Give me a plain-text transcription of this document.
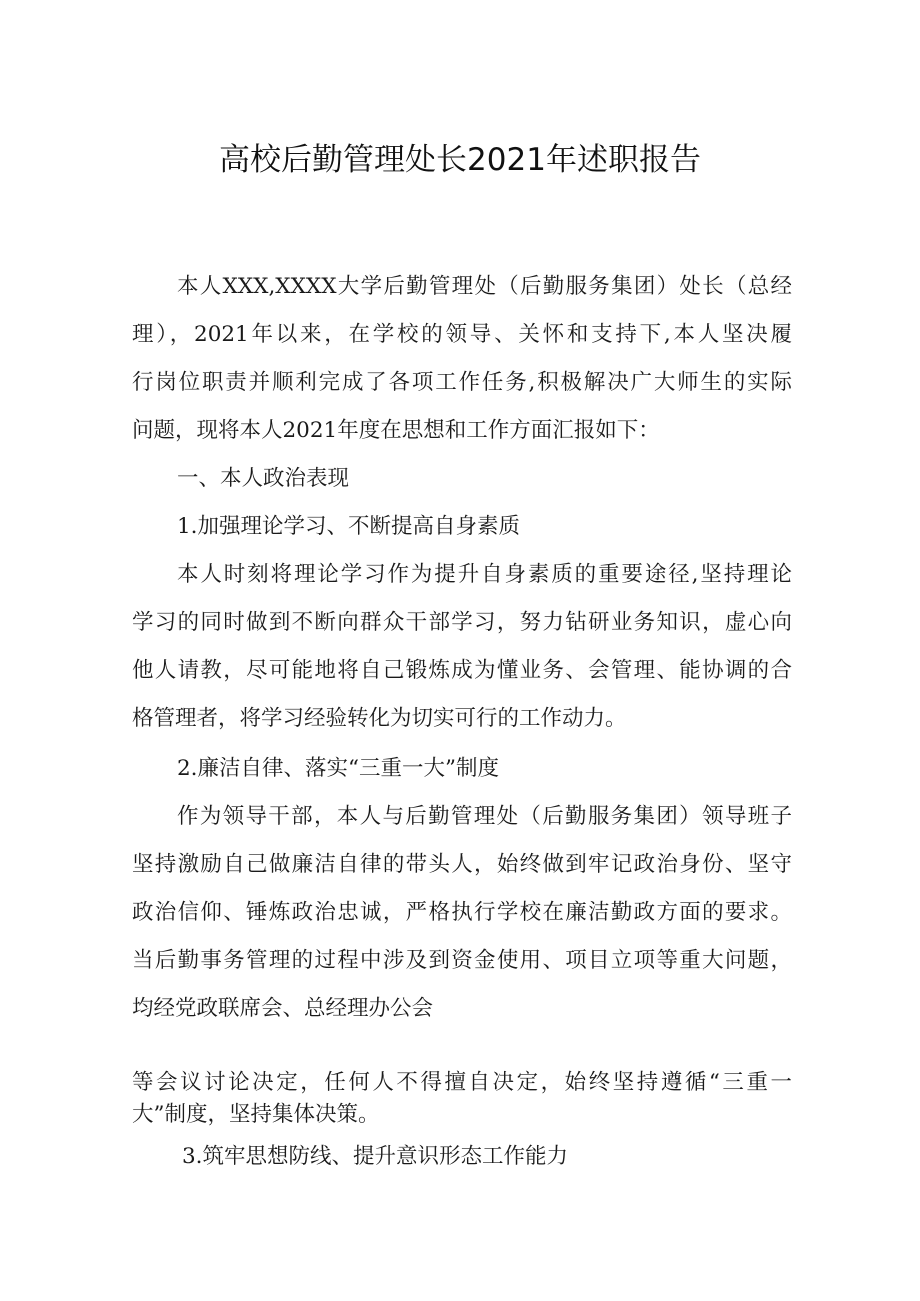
高校后勤管理处长2021年述职报告
本人XXX,XXXX大学后勤管理处（后勤服务集团）处长（总经
理），2021年以来，在学校的领导、关怀和支持下,本人坚决履
行岗位职责并顺利完成了各项工作任务,积极解决广大师生的实际
问题，现将本人2021年度在思想和工作方面汇报如下：
一、本人政治表现
1.加强理论学习、不断提高自身素质
本人时刻将理论学习作为提升自身素质的重要途径,坚持理论
学习的同时做到不断向群众干部学习，努力钻研业务知识，虚心向
他人请教，尽可能地将自己锻炼成为懂业务、会管理、能协调的合
格管理者，将学习经验转化为切实可行的工作动力。
2.廉洁自律、落实“三重一大”制度
作为领导干部，本人与后勤管理处（后勤服务集团）领导班子
坚持激励自己做廉洁自律的带头人，始终做到牢记政治身份、坚守
政治信仰、锤炼政治忠诚，严格执行学校在廉洁勤政方面的要求。
当后勤事务管理的过程中涉及到资金使用、项目立项等重大问题，
均经党政联席会、总经理办公会
等会议讨论决定，任何人不得擅自决定，始终坚持遵循“三重一
大”制度，坚持集体决策。
3.筑牢思想防线、提升意识形态工作能力
